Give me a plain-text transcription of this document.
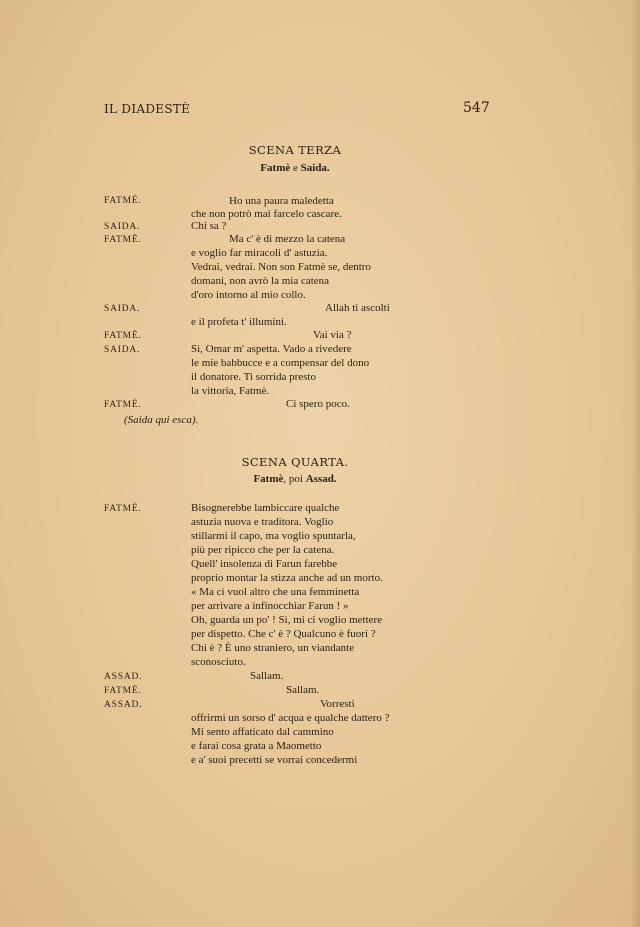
IL DIADESTÈ	547
SCENA TERZA
Fatmè e Saida.
FATMÈ.	Ho una paura maledetta
che non potrò mai farcelo cascare.
SAIDA.	Chi sa ?
FATMÈ.	Ma c' è di mezzo la catena
e voglio far miracoli d' astuzia.
Vedrai, vedrai. Non son Fatmè se, dentro
domani, non avrò la mia catena
d'oro intorno al mio collo.
SAIDA.	Allah ti ascolti
e il profeta t' illumini.
FATMÈ.	Vai via ?
SAIDA.	Sì, Omar m' aspetta. Vado a rivedere
le mie babbucce e a compensar del dono
il donatore. Ti sorrida presto
la vittoria, Fatmè.
FATMÈ.	Ci spero poco.
(Saida qui esca).
SCENA QUARTA.
Fatmè, poi Assad.
FATMÈ.	Bisognerebbe lambiccare qualche
astuzia nuova e traditora. Voglio
stillarmi il capo, ma voglio spuntarla,
più per ripicco che per la catena.
Quell' insolenza di Farun farebbe
proprio montar la stizza anche ad un morto.
« Ma ci vuol altro che una femminetta
per arrivare a infinocchiar Farun ! »
Oh, guarda un po' ! Sì, mi ci voglio mettere
per dispetto. Che c' è ? Qualcuno è fuori ?
Chi è ? È uno straniero, un viandante
sconosciuto.
ASSAD.	Sallam.
FATMÈ.	Sallam.
ASSAD.	Vorresti
offrirmi un sorso d' acqua e qualche dattero ?
Mi sento affaticato dal cammino
e farai cosa grata a Maometto
e a' suoi precetti se vorrai concedermi
